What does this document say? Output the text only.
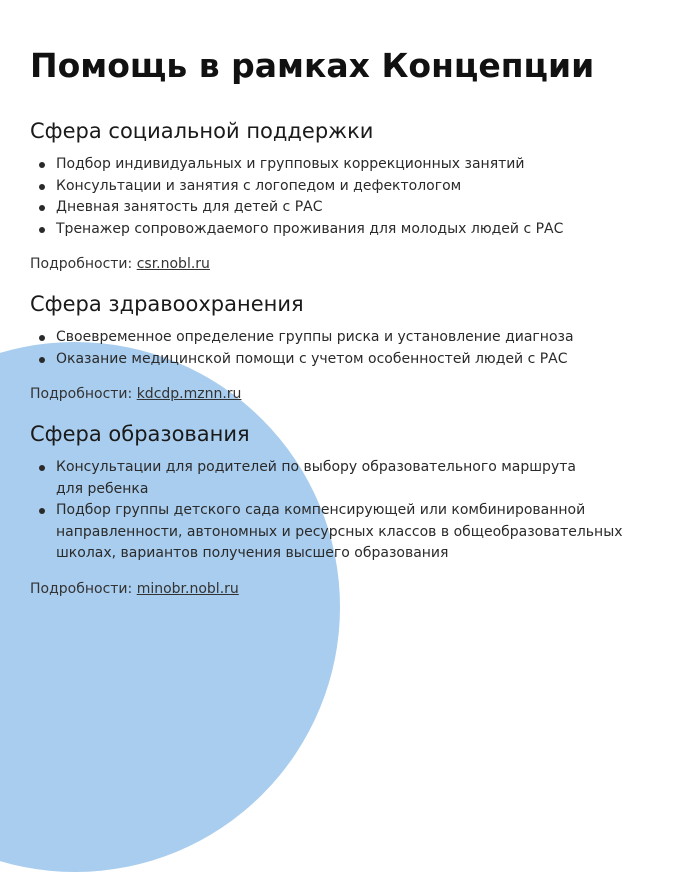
Помощь в рамках Концепции
Сфера социальной поддержки
Подбор индивидуальных и групповых коррекционных занятий
Консультации и занятия с логопедом и дефектологом
Дневная занятость для детей с РАС
Тренажер сопровождаемого проживания для молодых людей с РАС

Подробности: csr.nobl.ru

Сфера здравоохранения
Своевременное определение группы риска и установление диагноза
Оказание медицинской помощи с учетом особенностей людей с РАС

Подробности: kdcdp.mznn.ru

Сфера образования
Консультации для родителей по выбору образовательного маршрута для ребенка
Подбор группы детского сада компенсирующей или комбинированной направленности, автономных и ресурсных классов в общеобразовательных школах, вариантов получения высшего образования

Подробности: minobr.nobl.ru
